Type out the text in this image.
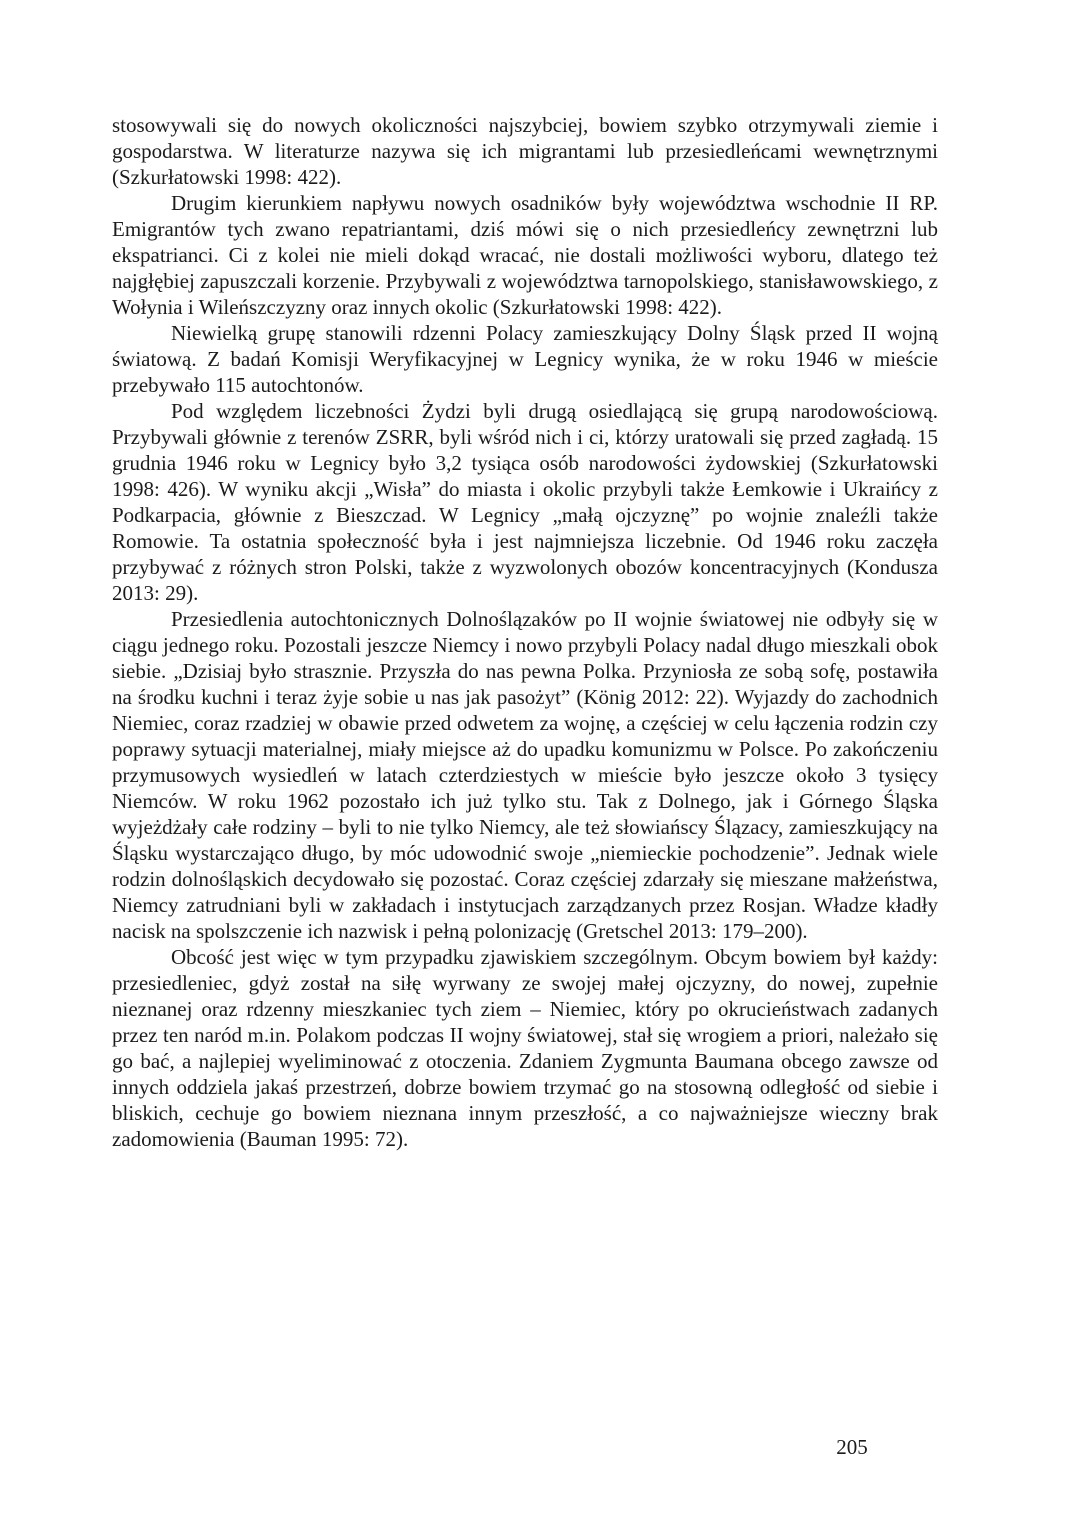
stosowywali się do nowych okoliczności najszybciej, bowiem szybko otrzymywali ziemie i gospodarstwa. W literaturze nazywa się ich migrantami lub przesiedleńcami wewnętrznymi (Szkurłatowski 1998: 422).

Drugim kierunkiem napływu nowych osadników były województwa wschodnie II RP. Emigrantów tych zwano repatriantami, dziś mówi się o nich przesiedleńcy zewnętrzni lub ekspatrianci. Ci z kolei nie mieli dokąd wracać, nie dostali możliwości wyboru, dlatego też najgłębiej zapuszczali korzenie. Przybywali z województwa tarnopolskiego, stanisławowskiego, z Wołynia i Wileńszczyzny oraz innych okolic (Szkurłatowski 1998: 422).

Niewielką grupę stanowili rdzenni Polacy zamieszkujący Dolny Śląsk przed II wojną światową. Z badań Komisji Weryfikacyjnej w Legnicy wynika, że w roku 1946 w mieście przebywało 115 autochtonów.

Pod względem liczebności Żydzi byli drugą osiedlającą się grupą narodowościową. Przybywali głównie z terenów ZSRR, byli wśród nich i ci, którzy uratowali się przed zagładą. 15 grudnia 1946 roku w Legnicy było 3,2 tysiąca osób narodowości żydowskiej (Szkurłatowski 1998: 426). W wyniku akcji „Wisła” do miasta i okolic przybyli także Łemkowie i Ukraińcy z Podkarpacia, głównie z Bieszczad. W Legnicy „małą ojczyznę” po wojnie znaleźli także Romowie. Ta ostatnia społeczność była i jest najmniejsza liczebnie. Od 1946 roku zaczęła przybywać z różnych stron Polski, także z wyzwolonych obozów koncentracyjnych (Kondusza 2013: 29).

Przesiedlenia autochtonicznych Dolnoślązaków po II wojnie światowej nie odbyły się w ciągu jednego roku. Pozostali jeszcze Niemcy i nowo przybyli Polacy nadal długo mieszkali obok siebie. „Dzisiaj było strasznie. Przyszła do nas pewna Polka. Przyniosła ze sobą sofę, postawiła na środku kuchni i teraz żyje sobie u nas jak pasożyt” (König 2012: 22). Wyjazdy do zachodnich Niemiec, coraz rzadziej w obawie przed odwetem za wojnę, a częściej w celu łączenia rodzin czy poprawy sytuacji materialnej, miały miejsce aż do upadku komunizmu w Polsce. Po zakończeniu przymusowych wysiedleń w latach czterdziestych w mieście było jeszcze około 3 tysięcy Niemców. W roku 1962 pozostało ich już tylko stu. Tak z Dolnego, jak i Górnego Śląska wyjeżdżały całe rodziny – byli to nie tylko Niemcy, ale też słowiańscy Ślązacy, zamieszkujący na Śląsku wystarczająco długo, by móc udowodnić swoje „niemieckie pochodzenie”. Jednak wiele rodzin dolnośląskich decydowało się pozostać. Coraz częściej zdarzały się mieszane małżeństwa, Niemcy zatrudniani byli w zakładach i instytucjach zarządzanych przez Rosjan. Władze kładły nacisk na spolszczenie ich nazwisk i pełną polonizację (Gretschel 2013: 179–200).

Obcość jest więc w tym przypadku zjawiskiem szczególnym. Obcym bowiem był każdy: przesiedleniec, gdyż został na siłę wyrwany ze swojej małej ojczyzny, do nowej, zupełnie nieznanej oraz rdzenny mieszkaniec tych ziem – Niemiec, który po okrucieństwach zadanych przez ten naród m.in. Polakom podczas II wojny światowej, stał się wrogiem a priori, należało się go bać, a najlepiej wyeliminować z otoczenia. Zdaniem Zygmunta Baumana obcego zawsze od innych oddziela jakaś przestrzeń, dobrze bowiem trzymać go na stosowną odległość od siebie i bliskich, cechuje go bowiem nieznana innym przeszłość, a co najważniejsze wieczny brak zadomowienia (Bauman 1995: 72).

205
